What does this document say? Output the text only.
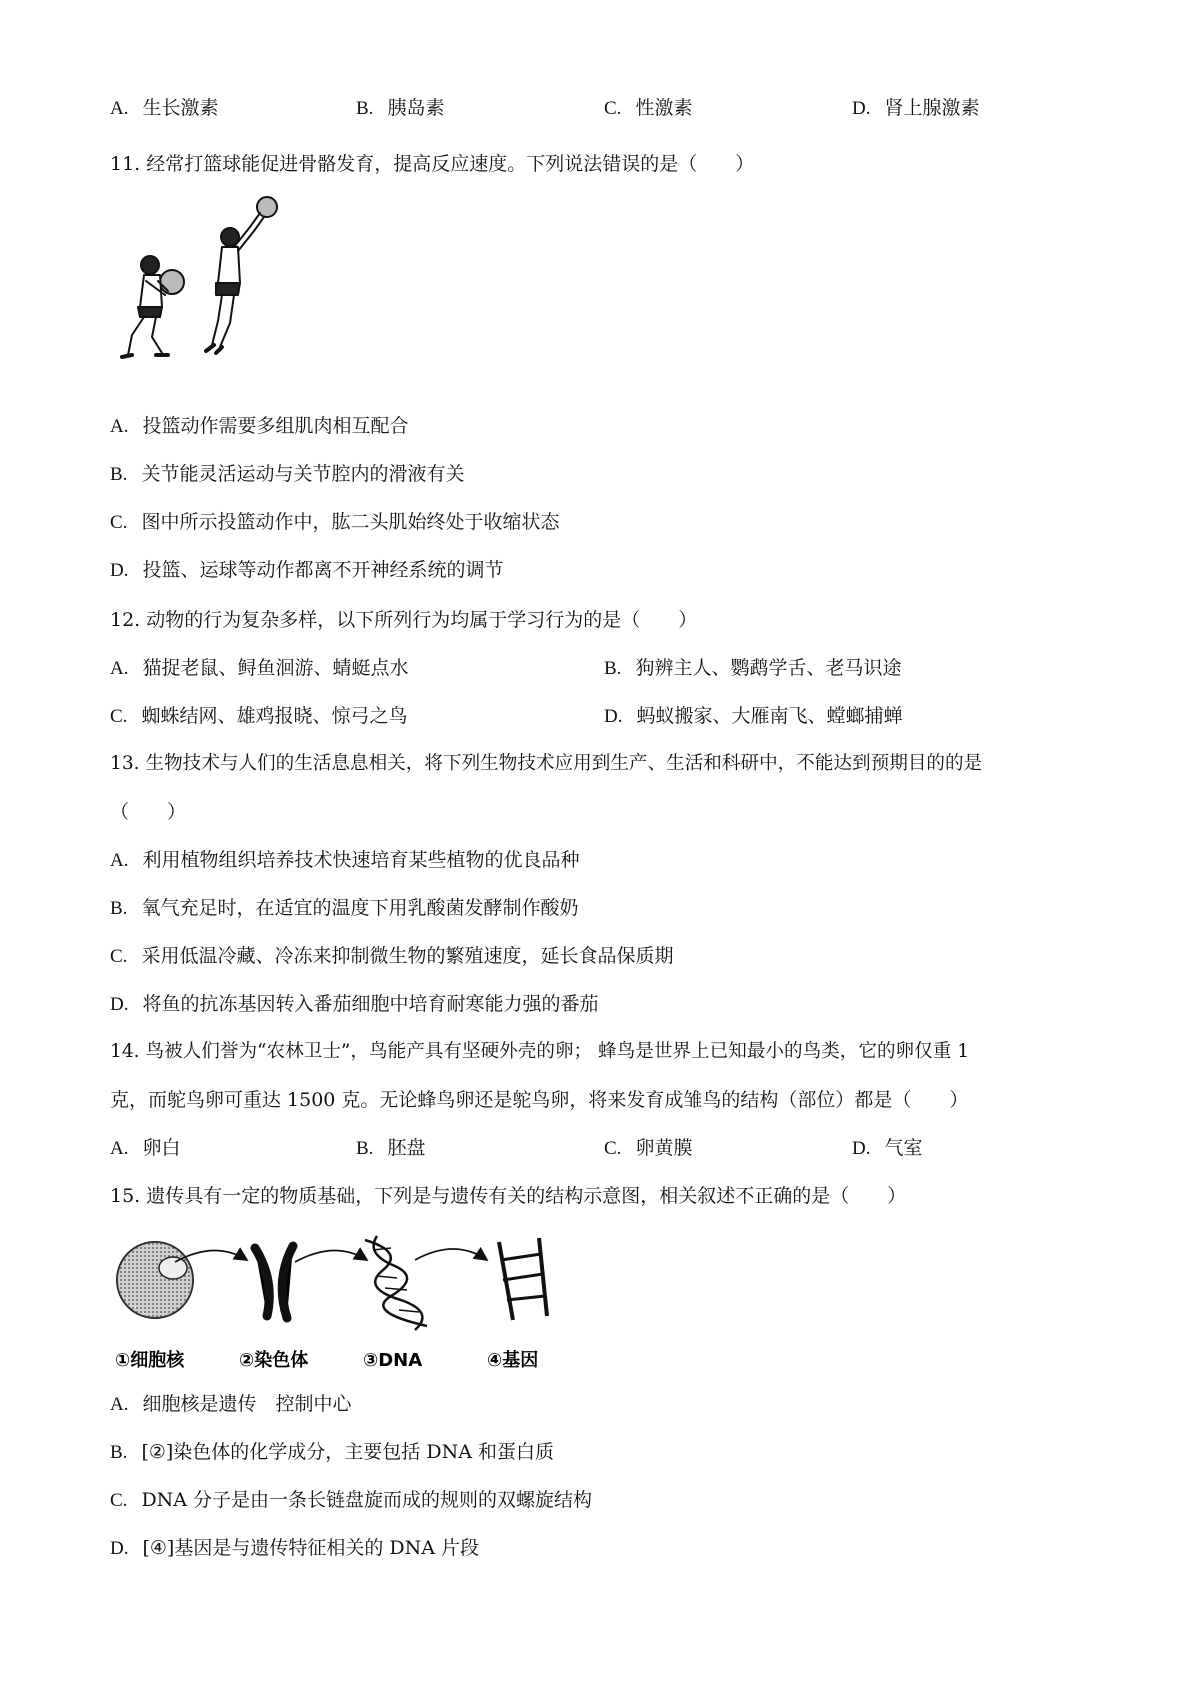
A. 生长激素	B. 胰岛素	C. 性激素	D. 肾上腺激素
11. 经常打篮球能促进骨骼发育，提高反应速度。下列说法错误的是（　　）
A. 投篮动作需要多组肌肉相互配合
B. 关节能灵活运动与关节腔内的滑液有关
C. 图中所示投篮动作中，肱二头肌始终处于收缩状态
D. 投篮、运球等动作都离不开神经系统的调节
12. 动物的行为复杂多样，以下所列行为均属于学习行为的是（　　）
A. 猫捉老鼠、鲟鱼洄游、蜻蜓点水	B. 狗辨主人、鹦鹉学舌、老马识途
C. 蜘蛛结网、雄鸡报晓、惊弓之鸟	D. 蚂蚁搬家、大雁南飞、螳螂捕蝉
13. 生物技术与人们的生活息息相关，将下列生物技术应用到生产、生活和科研中，不能达到预期目的的是
（　　）
A. 利用植物组织培养技术快速培育某些植物的优良品种
B. 氧气充足时，在适宜的温度下用乳酸菌发酵制作酸奶
C. 采用低温冷藏、冷冻来抑制微生物的繁殖速度，延长食品保质期
D. 将鱼的抗冻基因转入番茄细胞中培育耐寒能力强的番茄
14. 鸟被人们誉为“农林卫士”，鸟能产具有坚硬外壳的卵； 蜂鸟是世界上已知最小的鸟类，它的卵仅重 1
克，而鸵鸟卵可重达 1500 克。无论蜂鸟卵还是鸵鸟卵，将来发育成雏鸟的结构（部位）都是（　　）
A. 卵白	B. 胚盘	C. 卵黄膜	D. 气室
15. 遗传具有一定的物质基础，下列是与遗传有关的结构示意图，相关叙述不正确的是（　　）
①细胞核	②染色体	③DNA	④基因
A. 细胞核是遗传　控制中心
B. [②]染色体的化学成分，主要包括 DNA 和蛋白质
C. DNA 分子是由一条长链盘旋而成的规则的双螺旋结构
D. [④]基因是与遗传特征相关的 DNA 片段
